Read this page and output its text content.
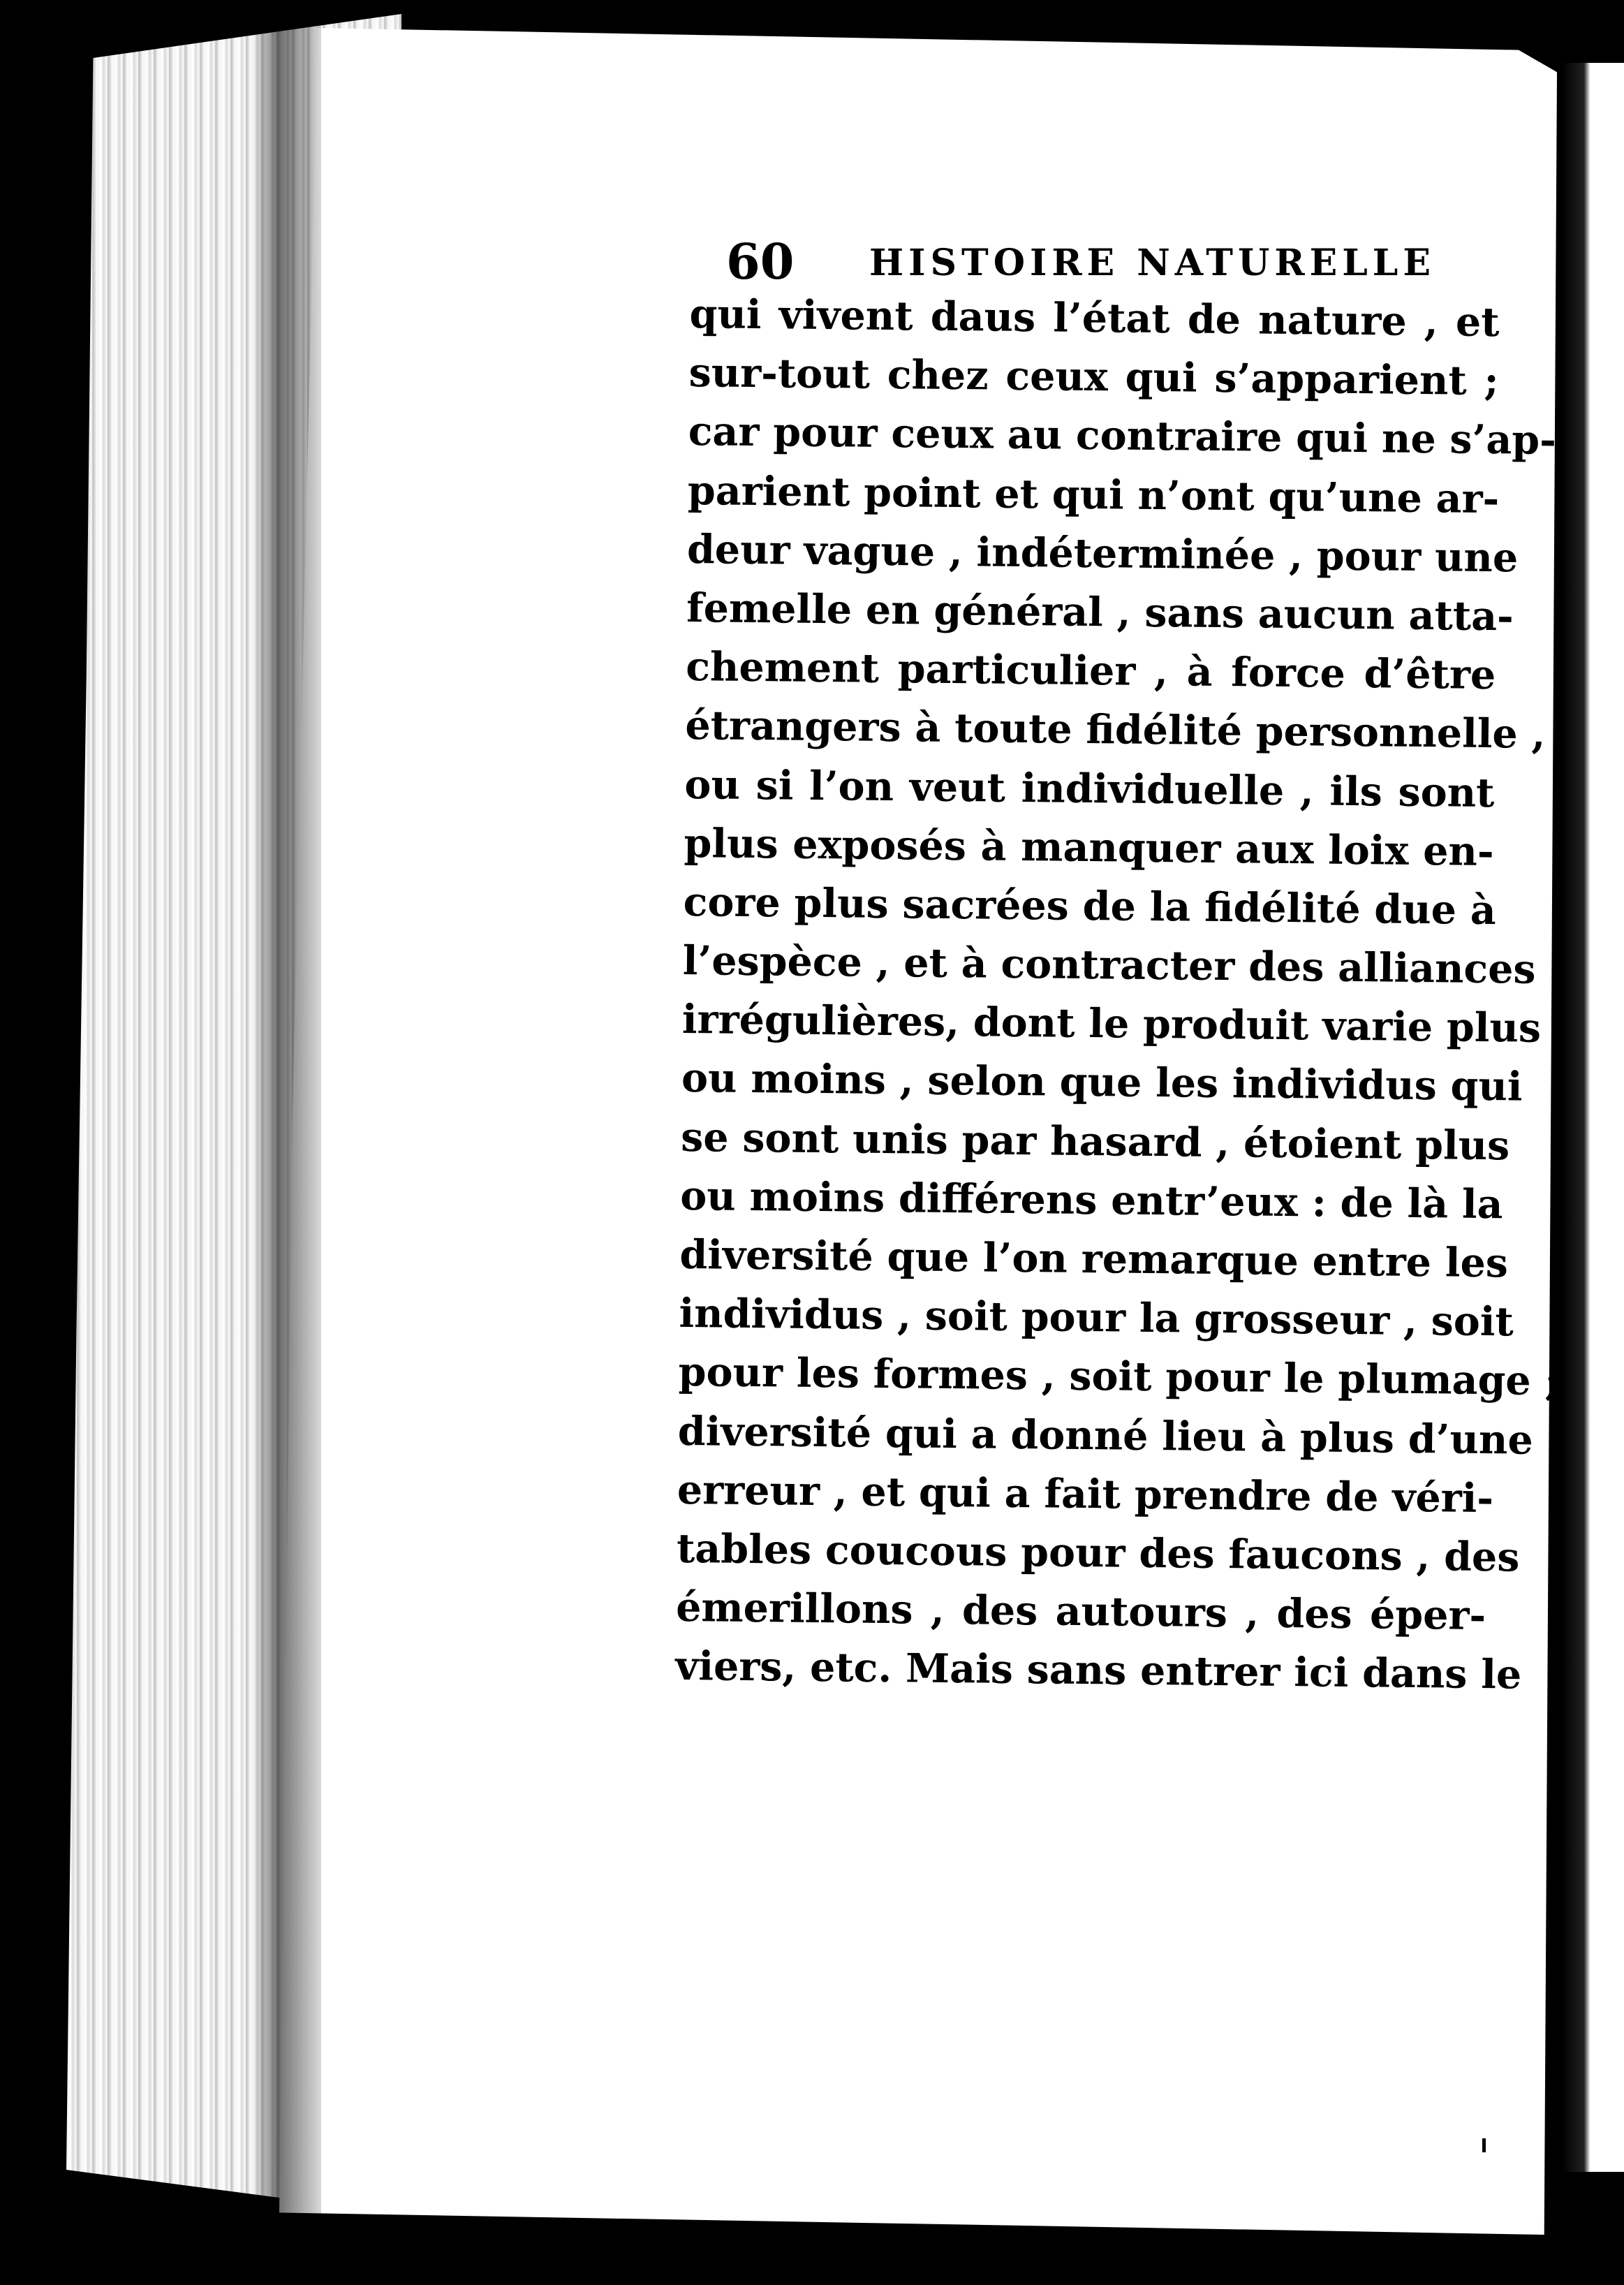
60 HISTOIRE NATURELLE
qui vivent daus l’état de nature , et
sur-tout chez ceux qui s’apparient ;
car pour ceux au contraire qui ne s’ap-
parient point et qui n’ont qu’une ar-
deur vague , indéterminée , pour une
femelle en général , sans aucun atta-
chement particulier , à force d’être
étrangers à toute fidélité personnelle ,
ou si l’on veut individuelle , ils sont
plus exposés à manquer aux loix en-
core plus sacrées de la fidélité due à
l’espèce , et à contracter des alliances
irrégulières, dont le produit varie plus
ou moins , selon que les individus qui
se sont unis par hasard , étoient plus
ou moins différens entr’eux : de là la
diversité que l’on remarque entre les
individus , soit pour la grosseur , soit
pour les formes , soit pour le plumage ;
diversité qui a donné lieu à plus d’une
erreur , et qui a fait prendre de véri-
tables coucous pour des faucons , des
émerillons , des autours , des éper-
viers, etc. Mais sans entrer ici dans le
